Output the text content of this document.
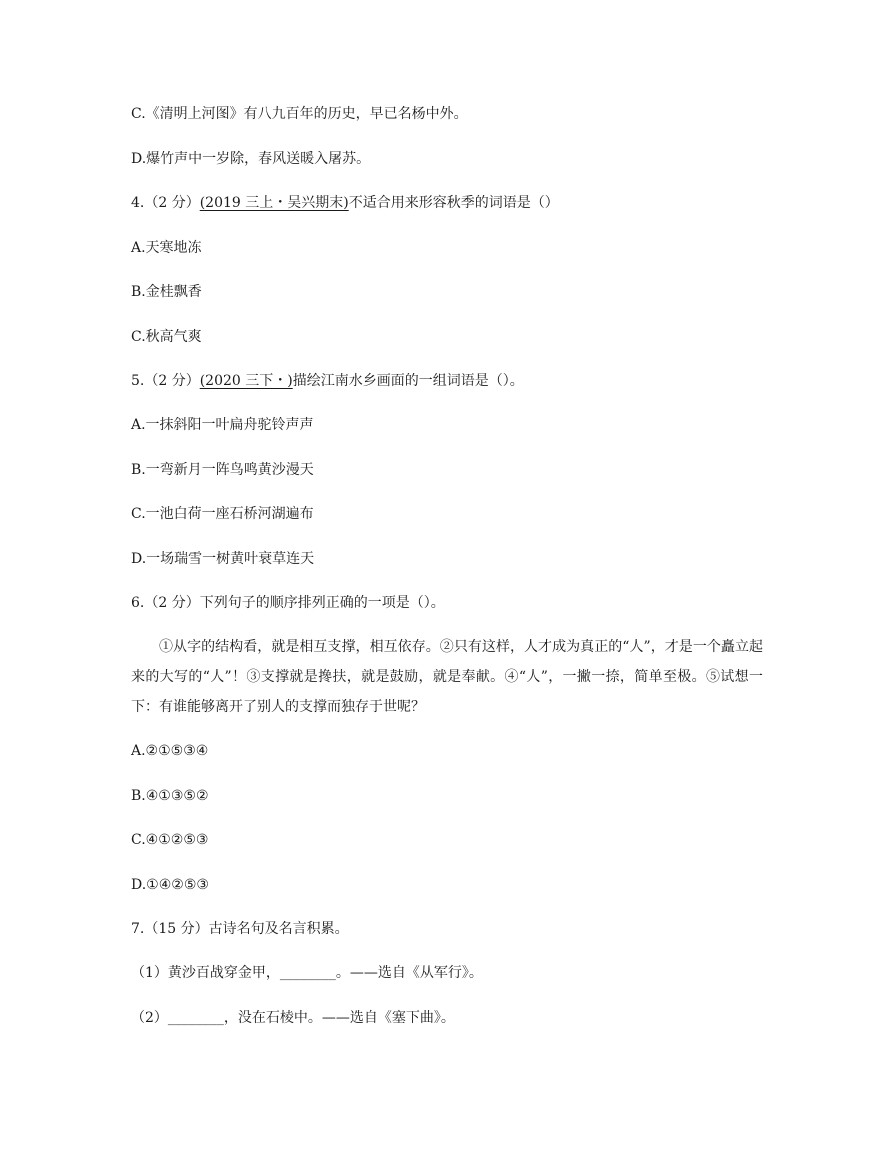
C.《清明上河图》有八九百年的历史，早已名杨中外。
D.爆竹声中一岁除，春风送暖入屠苏。
4.（2 分）(2019 三上・吴兴期末)不适合用来形容秋季的词语是（）
A.天寒地冻
B.金桂飘香
C.秋高气爽
5.（2 分）(2020 三下・)描绘江南水乡画面的一组词语是（）。
A.一抹斜阳一叶扁舟驼铃声声
B.一弯新月一阵鸟鸣黄沙漫天
C.一池白荷一座石桥河湖遍布
D.一场瑞雪一树黄叶衰草连天
6.（2 分）下列句子的顺序排列正确的一项是（）。
①从字的结构看，就是相互支撑，相互依存。②只有这样，人才成为真正的“人”，才是一个矗立起来的大写的“人”！③支撑就是搀扶，就是鼓励，就是奉献。④“人”，一撇一捺，简单至极。⑤试想一下：有谁能够离开了别人的支撑而独存于世呢？
A.②①⑤③④
B.④①③⑤②
C.④①②⑤③
D.①④②⑤③
7.（15 分）古诗名句及名言积累。
（1）黄沙百战穿金甲，________。——选自《从军行》。
（2）________，没在石棱中。——选自《塞下曲》。
